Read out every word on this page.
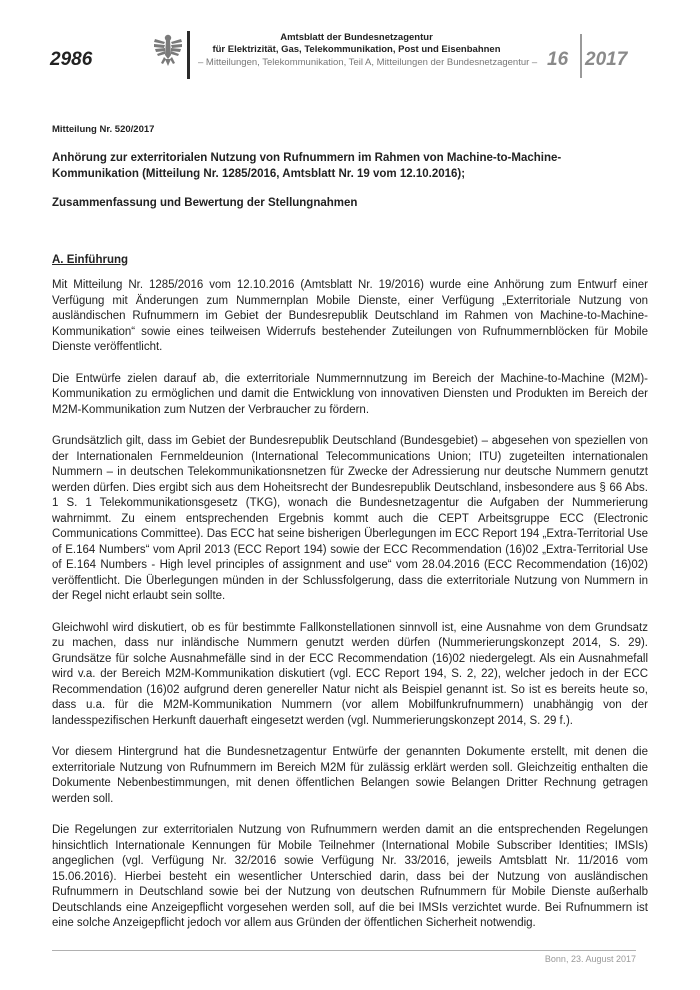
2986
Amtsblatt der Bundesnetzagentur
für Elektrizität, Gas, Telekommunikation, Post und Eisenbahnen
– Mitteilungen, Telekommunikation, Teil A, Mitteilungen der Bundesnetzagentur – 16 2017
Mitteilung Nr. 520/2017
Anhörung zur exterritorialen Nutzung von Rufnummern im Rahmen von Machine-to-Machine-Kommunikation (Mitteilung Nr. 1285/2016, Amtsblatt Nr. 19 vom 12.10.2016);
Zusammenfassung und Bewertung der Stellungnahmen
A. Einführung

Mit Mitteilung Nr. 1285/2016 vom 12.10.2016 (Amtsblatt Nr. 19/2016) wurde eine Anhörung zum Entwurf einer Verfügung mit Änderungen zum Nummernplan Mobile Dienste, einer Verfügung „Exterritoriale Nutzung von ausländischen Rufnummern im Gebiet der Bundesrepublik Deutschland im Rahmen von Machine-to-Machine-Kommunikation“ sowie eines teilweisen Widerrufs bestehender Zuteilungen von Rufnummernblöcken für Mobile Dienste veröffentlicht.

Die Entwürfe zielen darauf ab, die exterritoriale Nummernnutzung im Bereich der Machine-to-Machine (M2M)-Kommunikation zu ermöglichen und damit die Entwicklung von innovativen Diensten und Produkten im Bereich der M2M-Kommunikation zum Nutzen der Verbraucher zu fördern.

Grundsätzlich gilt, dass im Gebiet der Bundesrepublik Deutschland (Bundesgebiet) – abgesehen von speziellen von der Internationalen Fernmeldeunion (International Telecommunications Union; ITU) zugeteilten internationalen Nummern – in deutschen Telekommunikationsnetzen für Zwecke der Adressierung nur deutsche Nummern genutzt werden dürfen. Dies ergibt sich aus dem Hoheitsrecht der Bundesrepublik Deutschland, insbesondere aus § 66 Abs. 1 S. 1 Telekommunikationsgesetz (TKG), wonach die Bundesnetzagentur die Aufgaben der Nummerierung wahrnimmt. Zu einem entsprechenden Ergebnis kommt auch die CEPT Arbeitsgruppe ECC (Electronic Communications Committee). Das ECC hat seine bisherigen Überlegungen im ECC Report 194 „Extra-Territorial Use of E.164 Numbers“ vom April 2013 (ECC Report 194) sowie der ECC Recommendation (16)02 „Extra-Territorial Use of E.164 Numbers - High level principles of assignment and use“ vom 28.04.2016 (ECC Recommendation (16)02) veröffentlicht. Die Überlegungen münden in der Schlussfolgerung, dass die exterritoriale Nutzung von Nummern in der Regel nicht erlaubt sein sollte.

Gleichwohl wird diskutiert, ob es für bestimmte Fallkonstellationen sinnvoll ist, eine Ausnahme von dem Grundsatz zu machen, dass nur inländische Nummern genutzt werden dürfen (Nummerierungskonzept 2014, S. 29). Grundsätze für solche Ausnahmefälle sind in der ECC Recommendation (16)02 niedergelegt. Als ein Ausnahmefall wird v.a. der Bereich M2M-Kommunikation diskutiert (vgl. ECC Report 194, S. 2, 22), welcher jedoch in der ECC Recommendation (16)02 aufgrund deren genereller Natur nicht als Beispiel genannt ist. So ist es bereits heute so, dass u.a. für die M2M-Kommunikation Nummern (vor allem Mobilfunkrufnummern) unabhängig von der landesspezifischen Herkunft dauerhaft eingesetzt werden (vgl. Nummerierungskonzept 2014, S. 29 f.).

Vor diesem Hintergrund hat die Bundesnetzagentur Entwürfe der genannten Dokumente erstellt, mit denen die exterritoriale Nutzung von Rufnummern im Bereich M2M für zulässig erklärt werden soll. Gleichzeitig enthalten die Dokumente Nebenbestimmungen, mit denen öffentlichen Belangen sowie Belangen Dritter Rechnung getragen werden soll.

Die Regelungen zur exterritorialen Nutzung von Rufnummern werden damit an die entsprechenden Regelungen hinsichtlich Internationale Kennungen für Mobile Teilnehmer (International Mobile Subscriber Identities; IMSIs) angeglichen (vgl. Verfügung Nr. 32/2016 sowie Verfügung Nr. 33/2016, jeweils Amtsblatt Nr. 11/2016 vom 15.06.2016). Hierbei besteht ein wesentlicher Unterschied darin, dass bei der Nutzung von ausländischen Rufnummern in Deutschland sowie bei der Nutzung von deutschen Rufnummern für Mobile Dienste außerhalb Deutschlands eine Anzeigepflicht vorgesehen werden soll, auf die bei IMSIs verzichtet wurde. Bei Rufnummern ist eine solche Anzeigepflicht jedoch vor allem aus Gründen der öffentlichen Sicherheit notwendig.

Bonn, 23. August 2017
